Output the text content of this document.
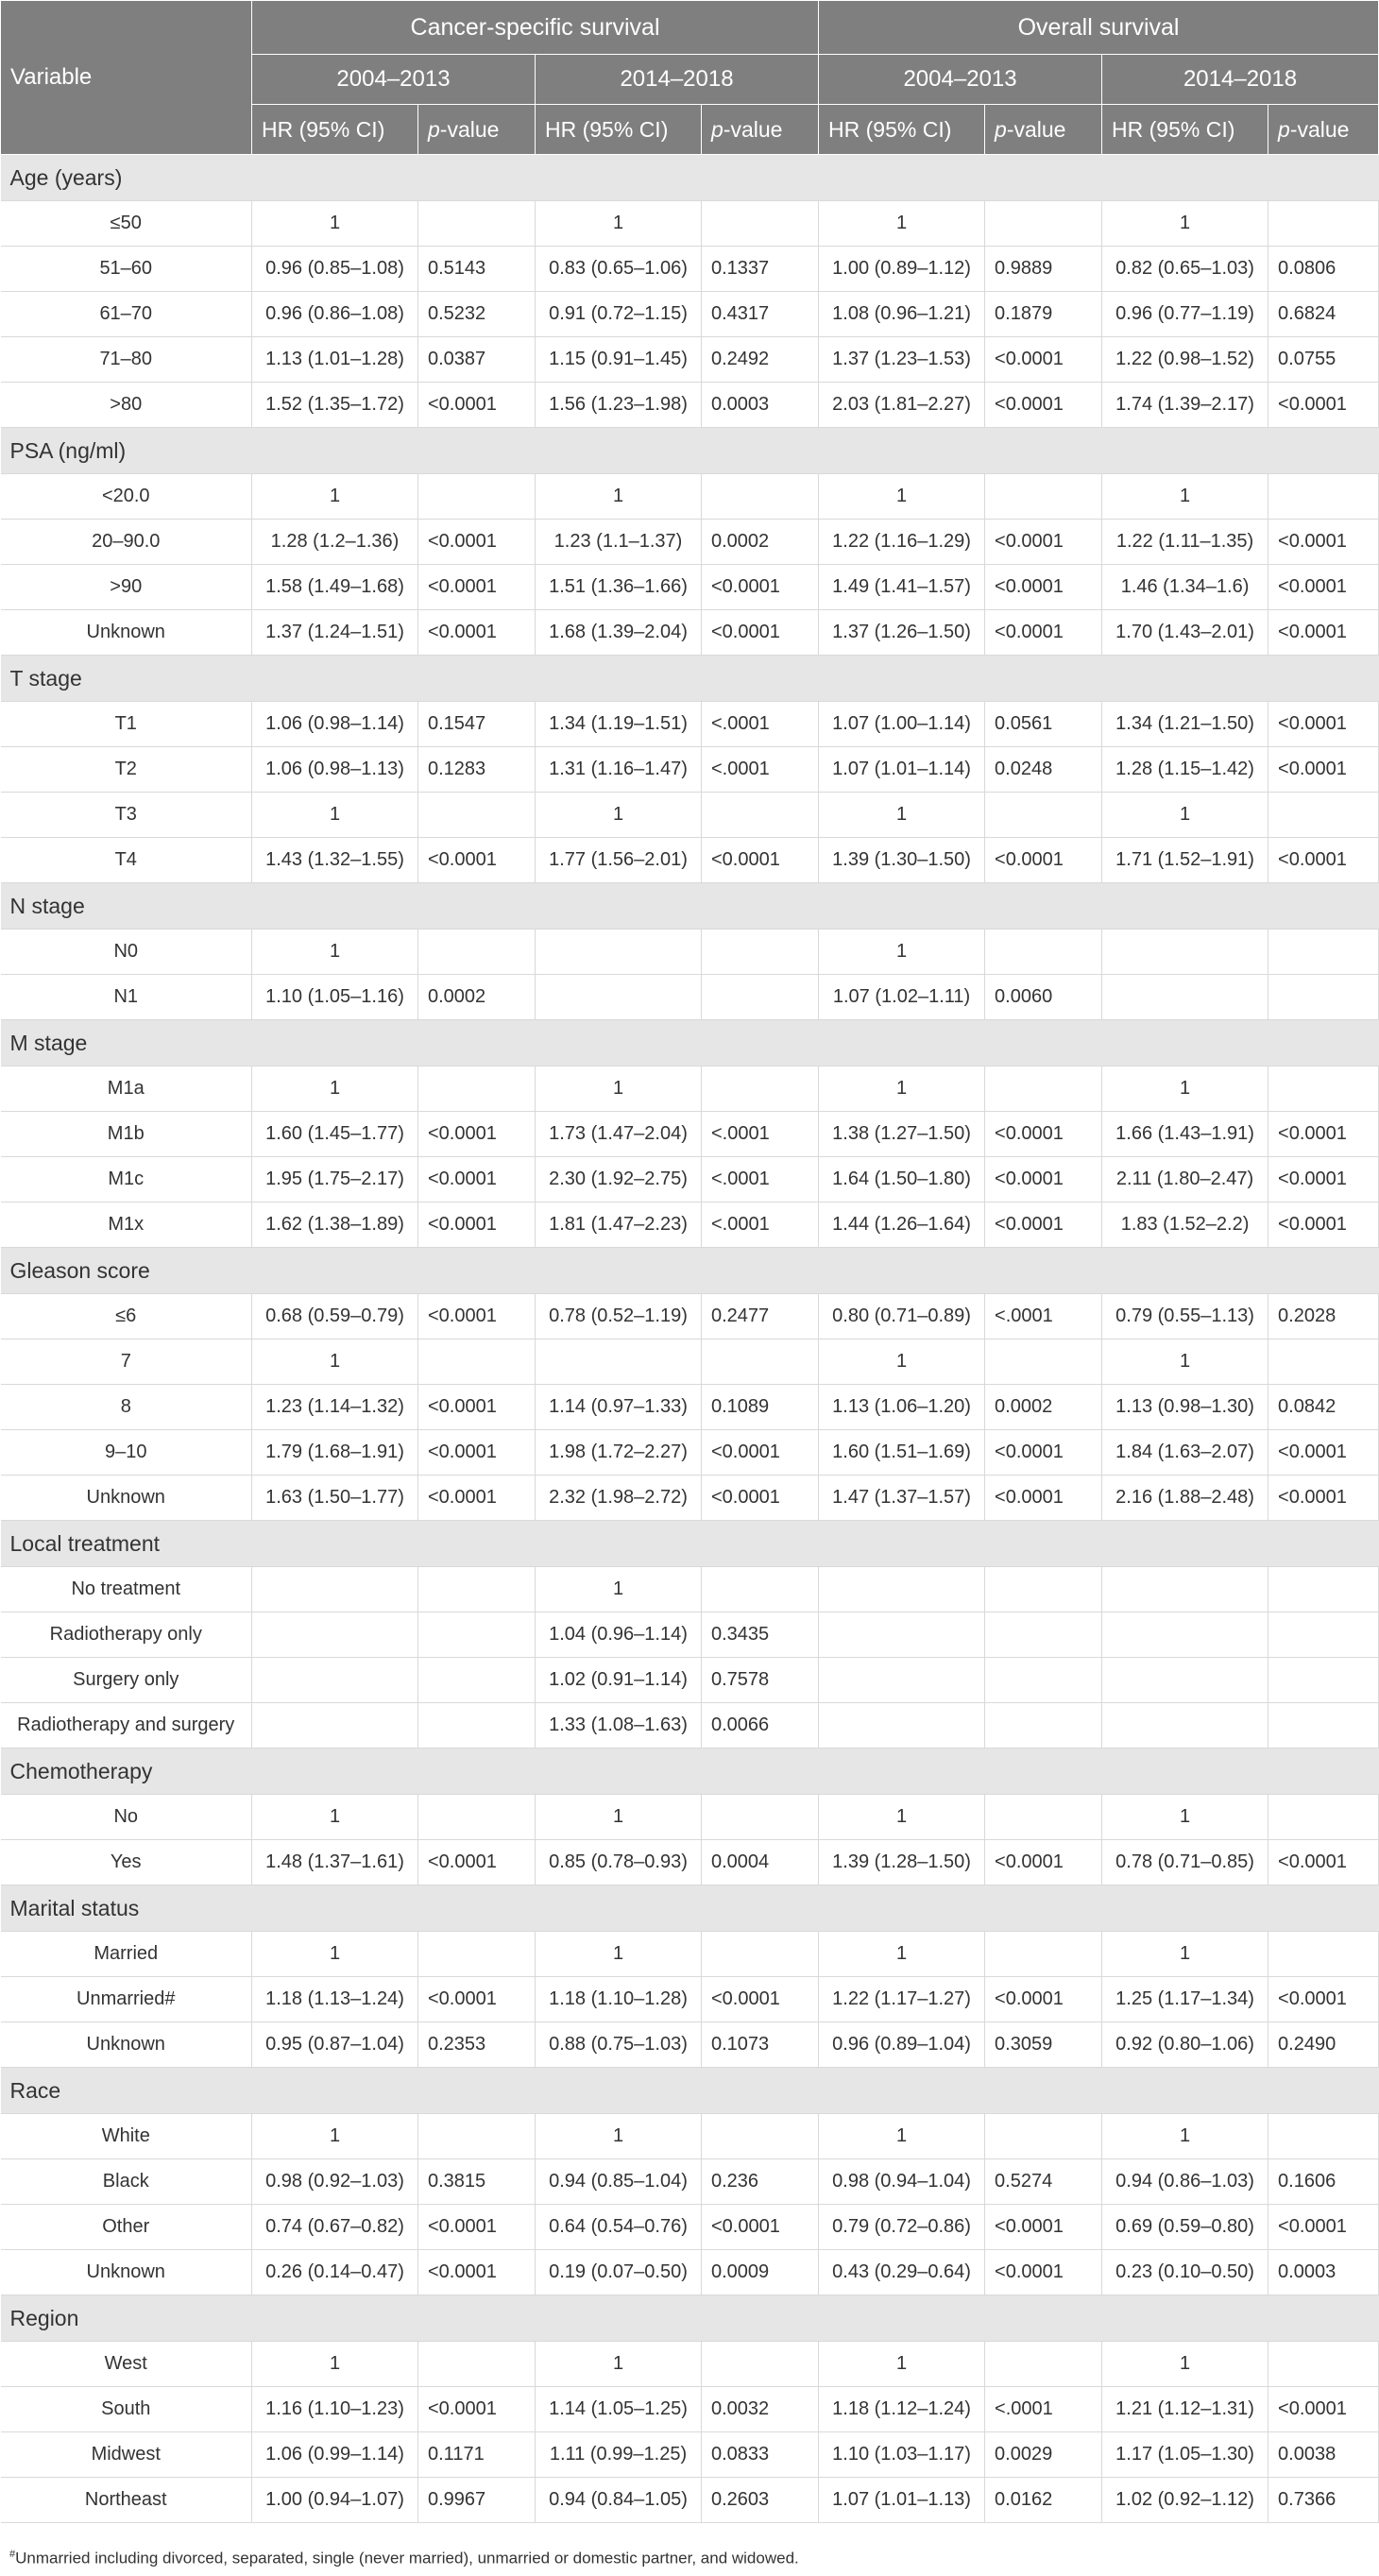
Variable	Cancer-specific survival				Overall survival			
	2004–2013		2014–2018		2004–2013		2014–2018	
	HR (95% CI)	p-value	HR (95% CI)	p-value	HR (95% CI)	p-value	HR (95% CI)	p-value
Age (years)								
≤50	1		1		1		1	
51–60	0.96 (0.85–1.08)	0.5143	0.83 (0.65–1.06)	0.1337	1.00 (0.89–1.12)	0.9889	0.82 (0.65–1.03)	0.0806
61–70	0.96 (0.86–1.08)	0.5232	0.91 (0.72–1.15)	0.4317	1.08 (0.96–1.21)	0.1879	0.96 (0.77–1.19)	0.6824
71–80	1.13 (1.01–1.28)	0.0387	1.15 (0.91–1.45)	0.2492	1.37 (1.23–1.53)	<0.0001	1.22 (0.98–1.52)	0.0755
>80	1.52 (1.35–1.72)	<0.0001	1.56 (1.23–1.98)	0.0003	2.03 (1.81–2.27)	<0.0001	1.74 (1.39–2.17)	<0.0001
PSA (ng/ml)								
<20.0	1		1		1		1	
20–90.0	1.28 (1.2–1.36)	<0.0001	1.23 (1.1–1.37)	0.0002	1.22 (1.16–1.29)	<0.0001	1.22 (1.11–1.35)	<0.0001
>90	1.58 (1.49–1.68)	<0.0001	1.51 (1.36–1.66)	<0.0001	1.49 (1.41–1.57)	<0.0001	1.46 (1.34–1.6)	<0.0001
Unknown	1.37 (1.24–1.51)	<0.0001	1.68 (1.39–2.04)	<0.0001	1.37 (1.26–1.50)	<0.0001	1.70 (1.43–2.01)	<0.0001
T stage								
T1	1.06 (0.98–1.14)	0.1547	1.34 (1.19–1.51)	<.0001	1.07 (1.00–1.14)	0.0561	1.34 (1.21–1.50)	<0.0001
T2	1.06 (0.98–1.13)	0.1283	1.31 (1.16–1.47)	<.0001	1.07 (1.01–1.14)	0.0248	1.28 (1.15–1.42)	<0.0001
T3	1		1		1		1	
T4	1.43 (1.32–1.55)	<0.0001	1.77 (1.56–2.01)	<0.0001	1.39 (1.30–1.50)	<0.0001	1.71 (1.52–1.91)	<0.0001
N stage								
N0	1				1			
N1	1.10 (1.05–1.16)	0.0002			1.07 (1.02–1.11)	0.0060		
M stage								
M1a	1		1		1		1	
M1b	1.60 (1.45–1.77)	<0.0001	1.73 (1.47–2.04)	<.0001	1.38 (1.27–1.50)	<0.0001	1.66 (1.43–1.91)	<0.0001
M1c	1.95 (1.75–2.17)	<0.0001	2.30 (1.92–2.75)	<.0001	1.64 (1.50–1.80)	<0.0001	2.11 (1.80–2.47)	<0.0001
M1x	1.62 (1.38–1.89)	<0.0001	1.81 (1.47–2.23)	<.0001	1.44 (1.26–1.64)	<0.0001	1.83 (1.52–2.2)	<0.0001
Gleason score								
≤6	0.68 (0.59–0.79)	<0.0001	0.78 (0.52–1.19)	0.2477	0.80 (0.71–0.89)	<.0001	0.79 (0.55–1.13)	0.2028
7	1				1		1	
8	1.23 (1.14–1.32)	<0.0001	1.14 (0.97–1.33)	0.1089	1.13 (1.06–1.20)	0.0002	1.13 (0.98–1.30)	0.0842
9–10	1.79 (1.68–1.91)	<0.0001	1.98 (1.72–2.27)	<0.0001	1.60 (1.51–1.69)	<0.0001	1.84 (1.63–2.07)	<0.0001
Unknown	1.63 (1.50–1.77)	<0.0001	2.32 (1.98–2.72)	<0.0001	1.47 (1.37–1.57)	<0.0001	2.16 (1.88–2.48)	<0.0001
Local treatment								
No treatment			1					
Radiotherapy only			1.04 (0.96–1.14)	0.3435				
Surgery only			1.02 (0.91–1.14)	0.7578				
Radiotherapy and surgery			1.33 (1.08–1.63)	0.0066				
Chemotherapy								
No	1		1		1		1	
Yes	1.48 (1.37–1.61)	<0.0001	0.85 (0.78–0.93)	0.0004	1.39 (1.28–1.50)	<0.0001	0.78 (0.71–0.85)	<0.0001
Marital status								
Married	1		1		1		1	
Unmarried#	1.18 (1.13–1.24)	<0.0001	1.18 (1.10–1.28)	<0.0001	1.22 (1.17–1.27)	<0.0001	1.25 (1.17–1.34)	<0.0001
Unknown	0.95 (0.87–1.04)	0.2353	0.88 (0.75–1.03)	0.1073	0.96 (0.89–1.04)	0.3059	0.92 (0.80–1.06)	0.2490
Race								
White	1		1		1		1	
Black	0.98 (0.92–1.03)	0.3815	0.94 (0.85–1.04)	0.236	0.98 (0.94–1.04)	0.5274	0.94 (0.86–1.03)	0.1606
Other	0.74 (0.67–0.82)	<0.0001	0.64 (0.54–0.76)	<0.0001	0.79 (0.72–0.86)	<0.0001	0.69 (0.59–0.80)	<0.0001
Unknown	0.26 (0.14–0.47)	<0.0001	0.19 (0.07–0.50)	0.0009	0.43 (0.29–0.64)	<0.0001	0.23 (0.10–0.50)	0.0003
Region								
West	1		1		1		1	
South	1.16 (1.10–1.23)	<0.0001	1.14 (1.05–1.25)	0.0032	1.18 (1.12–1.24)	<.0001	1.21 (1.12–1.31)	<0.0001
Midwest	1.06 (0.99–1.14)	0.1171	1.11 (0.99–1.25)	0.0833	1.10 (1.03–1.17)	0.0029	1.17 (1.05–1.30)	0.0038
Northeast	1.00 (0.94–1.07)	0.9967	0.94 (0.84–1.05)	0.2603	1.07 (1.01–1.13)	0.0162	1.02 (0.92–1.12)	0.7366
#Unmarried including divorced, separated, single (never married), unmarried or domestic partner, and widowed.
